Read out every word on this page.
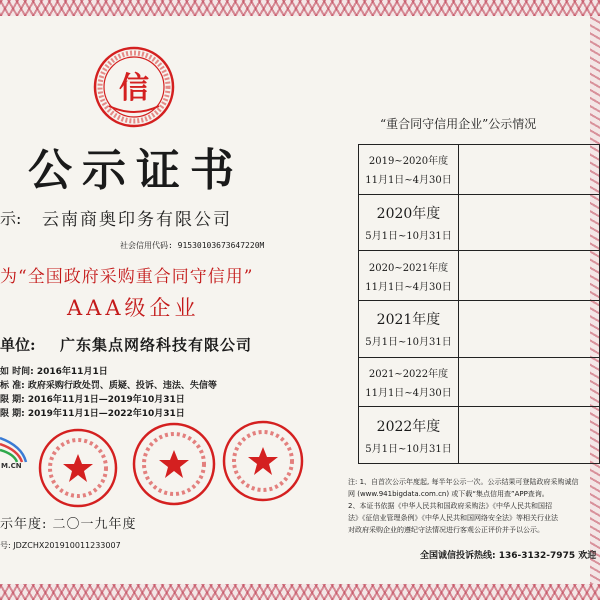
信
公示证书
示: 云南商奥印务有限公司
社会信用代码: 91530103673647220M
为“全国政府采购重合同守信用”
AAA级企业
单位: 广东集点网络科技有限公司
如 时间: 2016年11月1日
标 准: 政府采购行政处罚、质疑、投诉、违法、失信等
限 期: 2016年11月1日—2019年10月31日
限 期: 2019年11月1日—2022年10月31日
M.CN
示年度: 二〇一九年度
号: JDZCHX201910011233007
“重合同守信用企业”公示情况
2019~2020年度
11月1日~4月30日	

2020年度
5月1日~10月31日	

2020~2021年度
11月1日~4月30日	

2021年度
5月1日~10月31日	

2021~2022年度
11月1日~4月30日	

2022年度
5月1日~10月31日	

注: 1、自首次公示年度起, 每半年公示一次。公示结果可登陆政府采购诚信
网 (www.941bigdata.com.cn) 或下载“集点信用查”APP查询。
2、本证书依据《中华人民共和国政府采购法》《中华人民共和国招
法》《征信业管理条例》《中华人民共和国网络安全法》等相关行业法
对政府采购企业的遵纪守法情况进行客观公正评价并予以公示。
全国诚信投诉热线: 136-3132-7975 欢迎
